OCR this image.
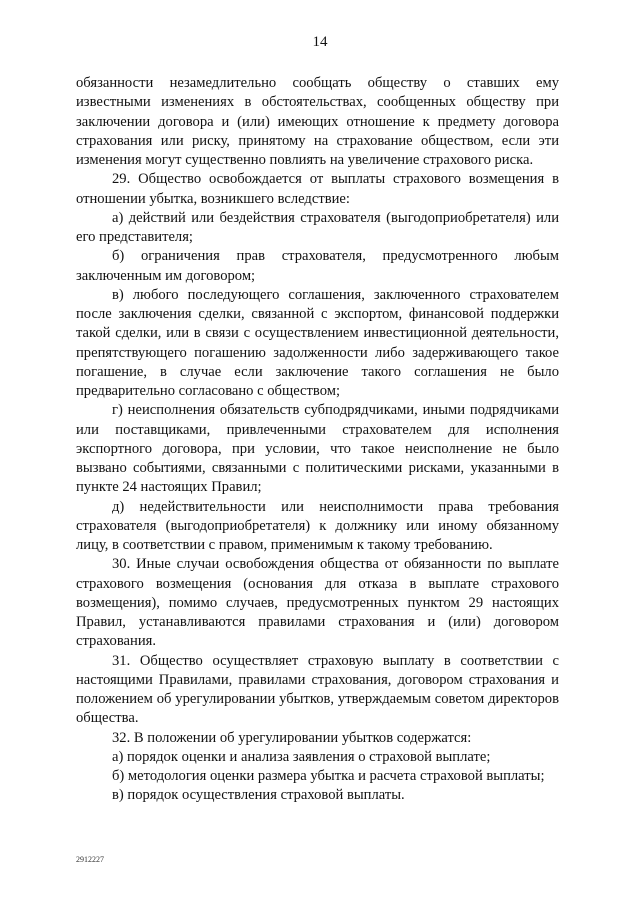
14

обязанности незамедлительно сообщать обществу о ставших ему известными изменениях в обстоятельствах, сообщенных обществу при заключении договора и (или) имеющих отношение к предмету договора страхования или риску, принятому на страхование обществом, если эти изменения могут существенно повлиять на увеличение страхового риска.

29. Общество освобождается от выплаты страхового возмещения в отношении убытка, возникшего вследствие:

а) действий или бездействия страхователя (выгодоприобретателя) или его представителя;

б) ограничения прав страхователя, предусмотренного любым заключенным им договором;

в) любого последующего соглашения, заключенного страхователем после заключения сделки, связанной с экспортом, финансовой поддержки такой сделки, или в связи с осуществлением инвестиционной деятельности, препятствующего погашению задолженности либо задерживающего такое погашение, в случае если заключение такого соглашения не было предварительно согласовано с обществом;

г) неисполнения обязательств субподрядчиками, иными подрядчиками или поставщиками, привлеченными страхователем для исполнения экспортного договора, при условии, что такое неисполнение не было вызвано событиями, связанными с политическими рисками, указанными в пункте 24 настоящих Правил;

д) недействительности или неисполнимости права требования страхователя (выгодоприобретателя) к должнику или иному обязанному лицу, в соответствии с правом, применимым к такому требованию.

30. Иные случаи освобождения общества от обязанности по выплате страхового возмещения (основания для отказа в выплате страхового возмещения), помимо случаев, предусмотренных пунктом 29 настоящих Правил, устанавливаются правилами страхования и (или) договором страхования.

31. Общество осуществляет страховую выплату в соответствии с настоящими Правилами, правилами страхования, договором страхования и положением об урегулировании убытков, утверждаемым советом директоров общества.

32. В положении об урегулировании убытков содержатся:

а) порядок оценки и анализа заявления о страховой выплате;

б) методология оценки размера убытка и расчета страховой выплаты;

в) порядок осуществления страховой выплаты.

2912227
